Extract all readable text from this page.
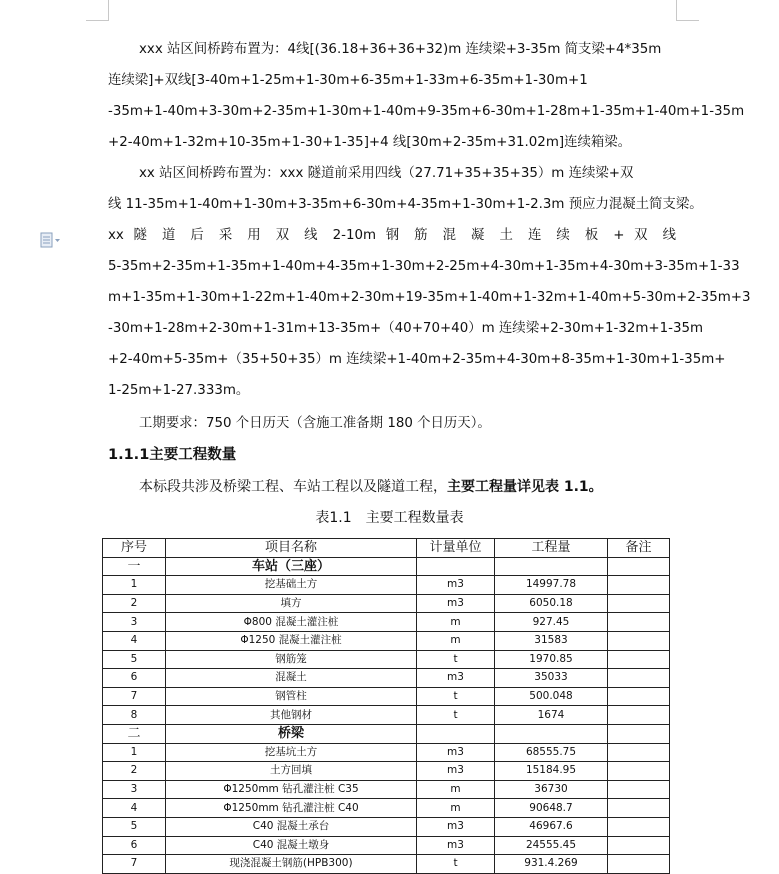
xxx 站区间桥跨布置为：4线[(36.18+36+36+32)m 连续梁+3-35m 简支梁+4*35m
连续梁]+双线[3-40m+1-25m+1-30m+6-35m+1-33m+6-35m+1-30m+1
-35m+1-40m+3-30m+2-35m+1-30m+1-40m+9-35m+6-30m+1-28m+1-35m+1-40m+1-35m
+2-40m+1-32m+10-35m+1-30+1-35]+4 线[30m+2-35m+31.02m]连续箱梁。
xx 站区间桥跨布置为：xxx 隧道前采用四线（27.71+35+35+35）m 连续梁+双
线 11-35m+1-40m+1-30m+3-35m+6-30m+4-35m+1-30m+1-2.3m 预应力混凝土简支梁。
xx 隧 道 后 采 用 双 线 2-10m 钢 筋 混 凝 土 连 续 板 + 双 线
5-35m+2-35m+1-35m+1-40m+4-35m+1-30m+2-25m+4-30m+1-35m+4-30m+3-35m+1-33
m+1-35m+1-30m+1-22m+1-40m+2-30m+19-35m+1-40m+1-32m+1-40m+5-30m+2-35m+3
-30m+1-28m+2-30m+1-31m+13-35m+（40+70+40）m 连续梁+2-30m+1-32m+1-35m
+2-40m+5-35m+（35+50+35）m 连续梁+1-40m+2-35m+4-30m+8-35m+1-30m+1-35m+
1-25m+1-27.333m。
工期要求：750 个日历天（含施工准备期 180 个日历天）。
1.1.1主要工程数量
本标段共涉及桥梁工程、车站工程以及隧道工程，主要工程量详见表 1.1。
表1.1　主要工程数量表
序号	项目名称	计量单位	工程量	备注
一	车站（三座）			
1	挖基础土方	m3	14997.78	
2	填方	m3	6050.18	
3	Φ800 混凝土灌注桩	m	927.45	
4	Φ1250 混凝土灌注桩	m	31583	
5	钢筋笼	t	1970.85	
6	混凝土	m3	35033	
7	钢管柱	t	500.048	
8	其他钢材	t	1674	
二	桥梁			
1	挖基坑土方	m3	68555.75	
2	土方回填	m3	15184.95	
3	Φ1250mm 钻孔灌注桩 C35	m	36730	
4	Φ1250mm 钻孔灌注桩 C40	m	90648.7	
5	C40 混凝土承台	m3	46967.6	
6	C40 混凝土墩身	m3	24555.45	
7	现浇混凝土钢筋(HPB300)	t	931.4.269	
